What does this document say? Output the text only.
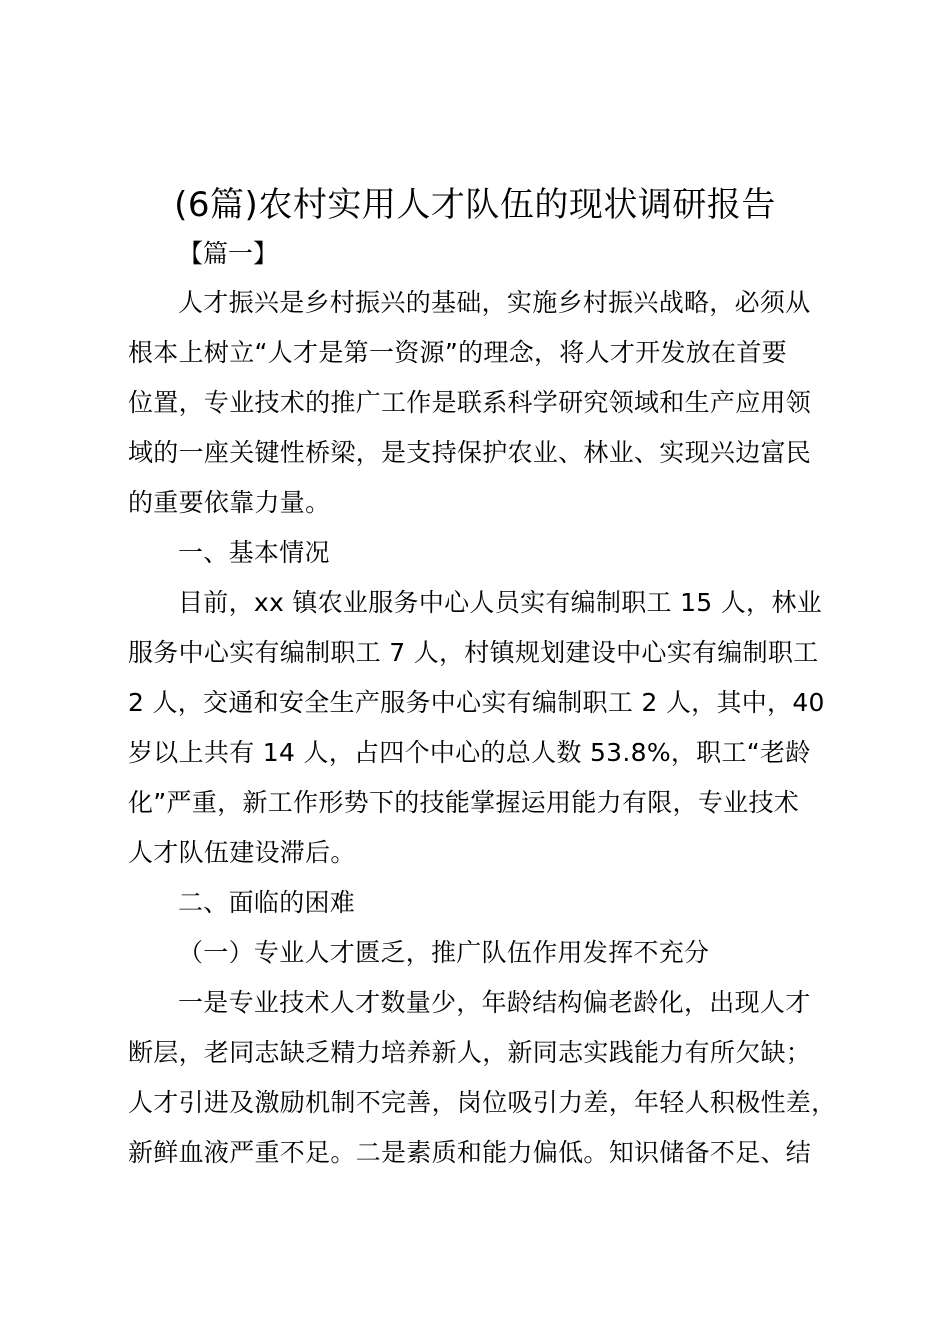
(6篇)农村实用人才队伍的现状调研报告
【篇一】
人才振兴是乡村振兴的基础，实施乡村振兴战略，必须从
根本上树立“人才是第一资源”的理念，将人才开发放在首要
位置，专业技术的推广工作是联系科学研究领域和生产应用领
域的一座关键性桥梁，是支持保护农业、林业、实现兴边富民
的重要依靠力量。
一、基本情况
目前，xx 镇农业服务中心人员实有编制职工 15 人，林业
服务中心实有编制职工 7 人，村镇规划建设中心实有编制职工
2 人，交通和安全生产服务中心实有编制职工 2 人，其中，40
岁以上共有 14 人，占四个中心的总人数 53.8%，职工“老龄
化”严重，新工作形势下的技能掌握运用能力有限，专业技术
人才队伍建设滞后。
二、面临的困难
（一）专业人才匮乏，推广队伍作用发挥不充分
一是专业技术人才数量少，年龄结构偏老龄化，出现人才
断层，老同志缺乏精力培养新人，新同志实践能力有所欠缺；
人才引进及激励机制不完善，岗位吸引力差，年轻人积极性差，
新鲜血液严重不足。二是素质和能力偏低。知识储备不足、结
